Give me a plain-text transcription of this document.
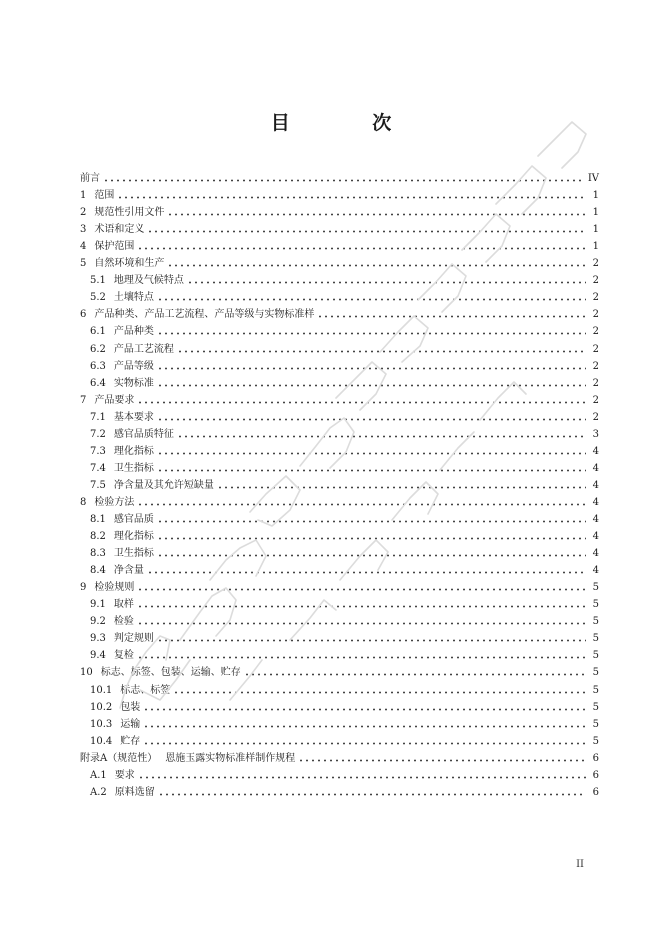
目 次
前言	IV
1 范围	1
2 规范性引用文件	1
3 术语和定义	1
4 保护范围	1
5 自然环境和生产	2
5.1 地理及气候特点	2
5.2 土壤特点	2
6 产品种类、产品工艺流程、产品等级与实物标准样	2
6.1 产品种类	2
6.2 产品工艺流程	2
6.3 产品等级	2
6.4 实物标准	2
7 产品要求	2
7.1 基本要求	2
7.2 感官品质特征	3
7.3 理化指标	4
7.4 卫生指标	4
7.5 净含量及其允许短缺量	4
8 检验方法	4
8.1 感官品质	4
8.2 理化指标	4
8.3 卫生指标	4
8.4 净含量	4
9 检验规则	5
9.1 取样	5
9.2 检验	5
9.3 判定规则	5
9.4 复检	5
10 标志、标签、包装、运输、贮存	5
10.1 标志、标签	5
10.2 包装	5
10.3 运输	5
10.4 贮存	5
附录A（规范性） 恩施玉露实物标准样制作规程	6
A.1 要求	6
A.2 原料选留	6
II
